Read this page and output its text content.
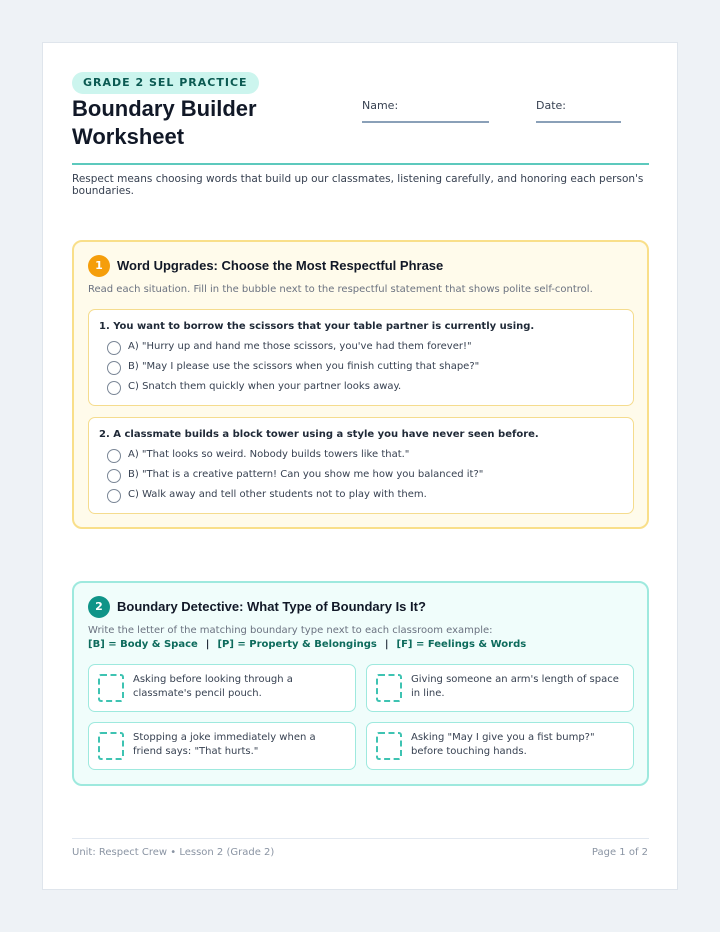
GRADE 2 SEL PRACTICE
Boundary Builder Worksheet
Name:	Date:
Respect means choosing words that build up our classmates, listening carefully, and honoring each person's boundaries.
1	Word Upgrades: Choose the Most Respectful Phrase
Read each situation. Fill in the bubble next to the respectful statement that shows polite self-control.
1. You want to borrow the scissors that your table partner is currently using.
A) "Hurry up and hand me those scissors, you've had them forever!"
B) "May I please use the scissors when you finish cutting that shape?"
C) Snatch them quickly when your partner looks away.
2. A classmate builds a block tower using a style you have never seen before.
A) "That looks so weird. Nobody builds towers like that."
B) "That is a creative pattern! Can you show me how you balanced it?"
C) Walk away and tell other students not to play with them.
2	Boundary Detective: What Type of Boundary Is It?
Write the letter of the matching boundary type next to each classroom example:
[B] = Body & Space | [P] = Property & Belongings | [F] = Feelings & Words
Asking before looking through a classmate's pencil pouch.
Giving someone an arm's length of space in line.
Stopping a joke immediately when a friend says: "That hurts."
Asking "May I give you a fist bump?" before touching hands.
Unit: Respect Crew • Lesson 2 (Grade 2)	Page 1 of 2
